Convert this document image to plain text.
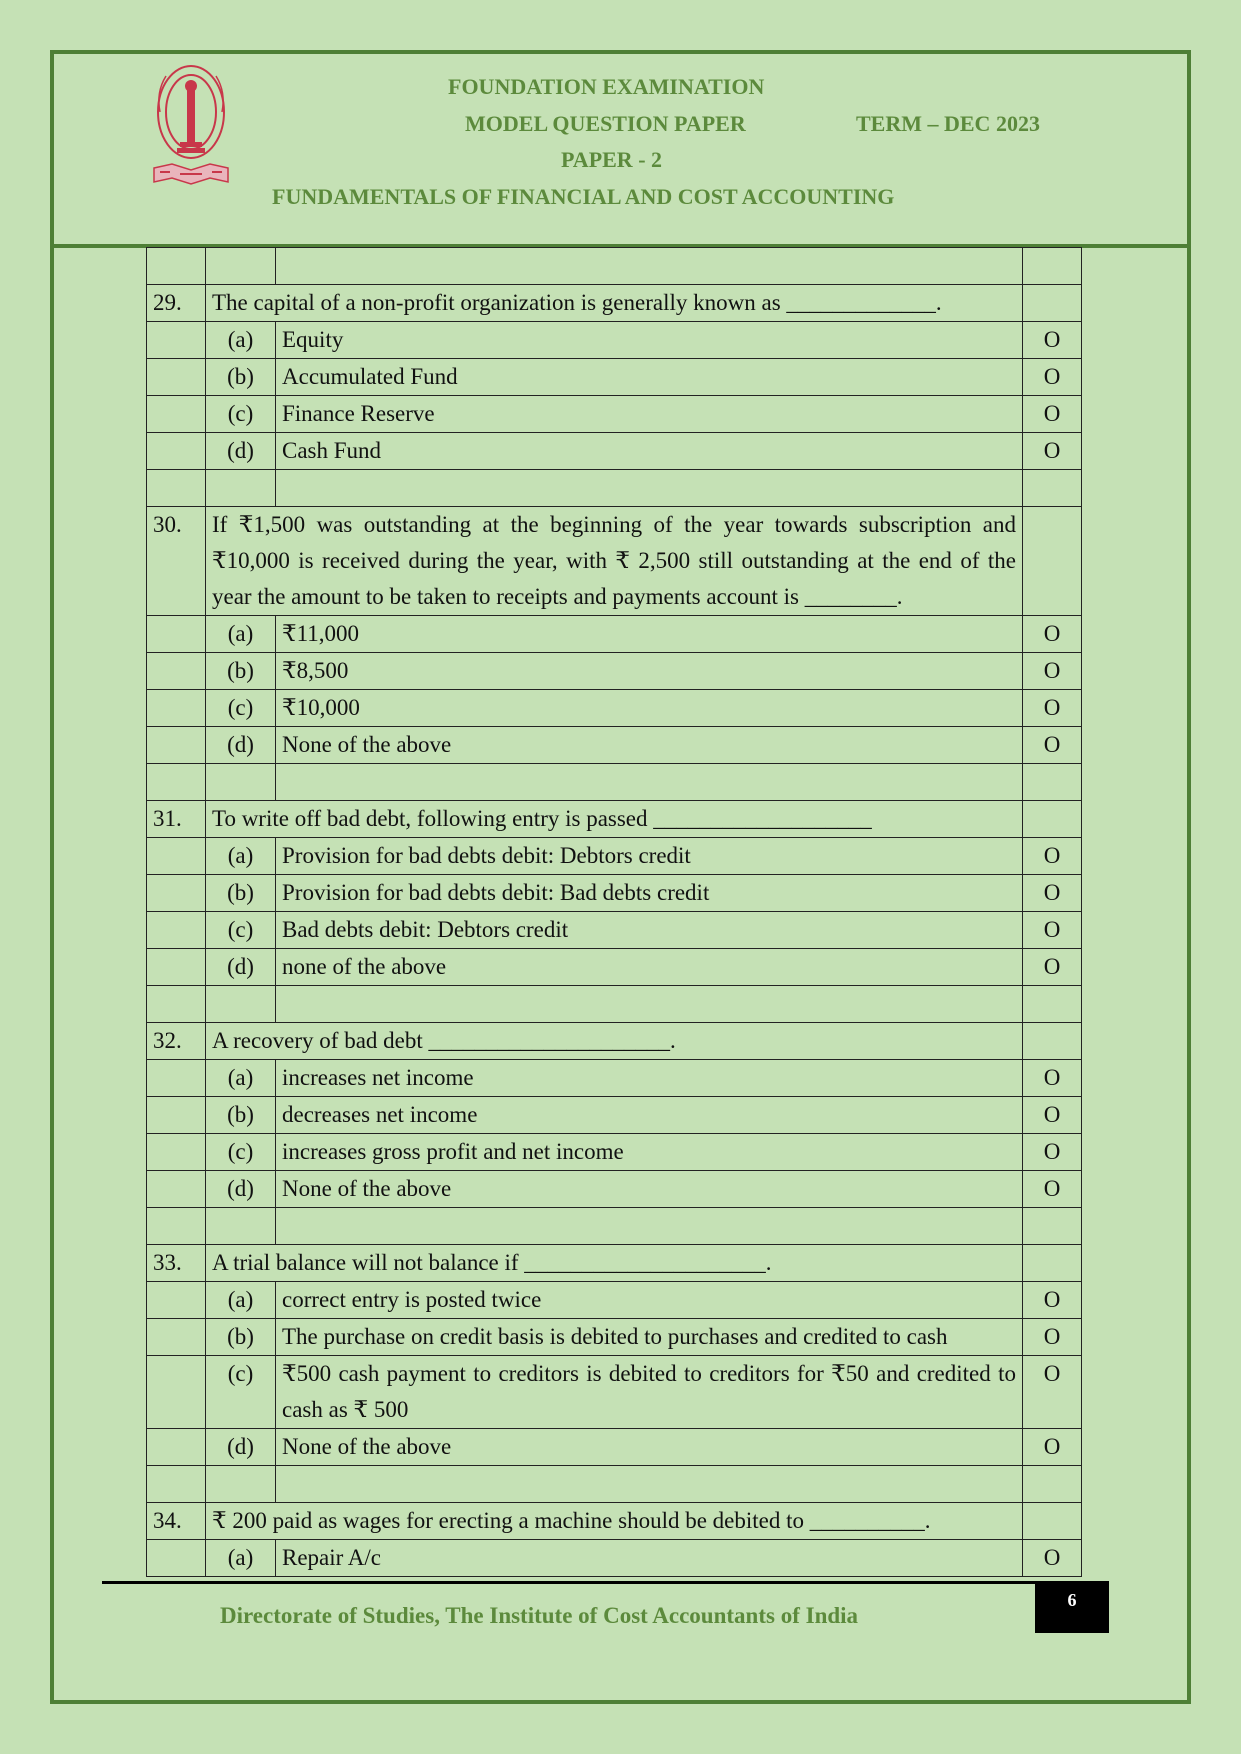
FOUNDATION EXAMINATION
MODEL QUESTION PAPER	TERM – DEC 2023
PAPER - 2
FUNDAMENTALS OF FINANCIAL AND COST ACCOUNTING

29.	The capital of a non-profit organization is generally known as _____________.		
	(a)	Equity	O
	(b)	Accumulated Fund	O
	(c)	Finance Reserve	O
	(d)	Cash Fund	O

30.	If ₹1,500 was outstanding at the beginning of the year towards subscription and ₹10,000 is received during the year, with ₹ 2,500 still outstanding at the end of the year the amount to be taken to receipts and payments account is ________.		
	(a)	₹11,000	O
	(b)	₹8,500	O
	(c)	₹10,000	O
	(d)	None of the above	O

31.	To write off bad debt, following entry is passed ___________________		
	(a)	Provision for bad debts debit: Debtors credit	O
	(b)	Provision for bad debts debit: Bad debts credit	O
	(c)	Bad debts debit: Debtors credit	O
	(d)	none of the above	O

32.	A recovery of bad debt _____________________.		
	(a)	increases net income	O
	(b)	decreases net income	O
	(c)	increases gross profit and net income	O
	(d)	None of the above	O

33.	A trial balance will not balance if _____________________.		
	(a)	correct entry is posted twice	O
	(b)	The purchase on credit basis is debited to purchases and credited to cash	O
	(c)	₹500 cash payment to creditors is debited to creditors for ₹50 and credited to cash as ₹ 500	O
	(d)	None of the above	O

34.	₹ 200 paid as wages for erecting a machine should be debited to __________.		
	(a)	Repair A/c	O
Directorate of Studies, The Institute of Cost Accountants of India
6
